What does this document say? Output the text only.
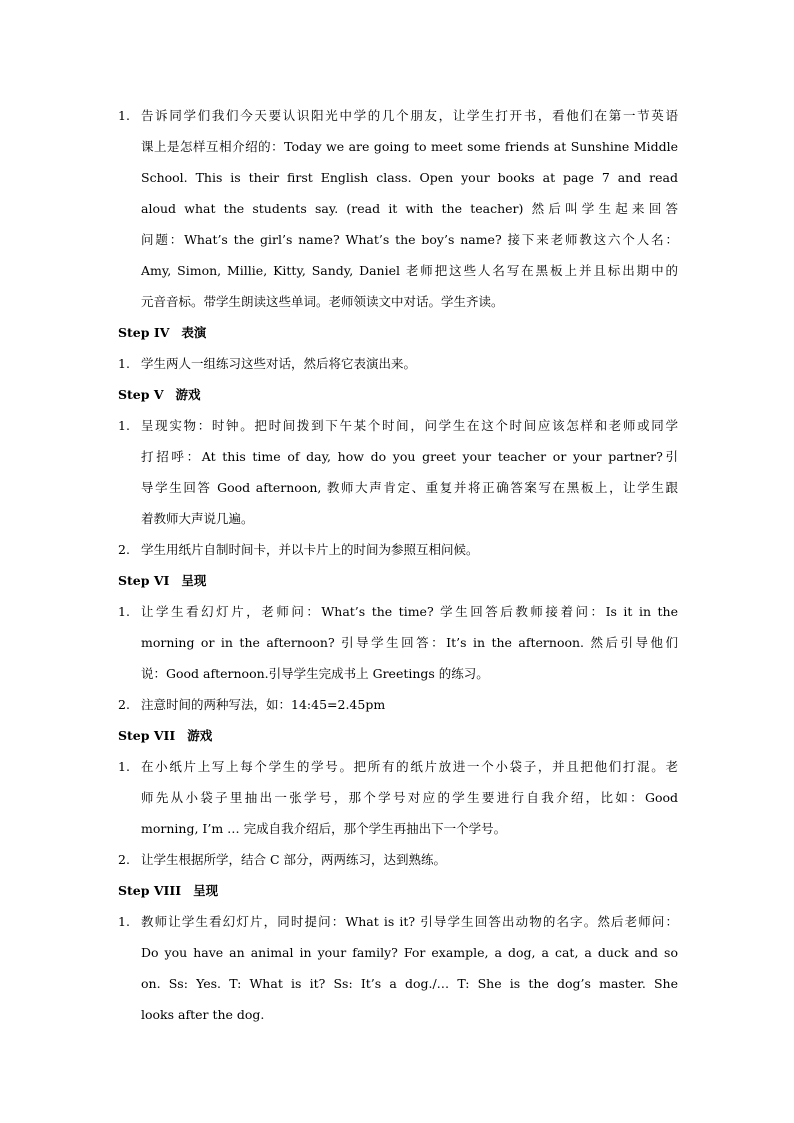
1. 告诉同学们我们今天要认识阳光中学的几个朋友，让学生打开书，看他们在第一节英语
课上是怎样互相介绍的：Today we are going to meet some friends at Sunshine Middle
School. This is their first English class. Open your books at page 7 and read
aloud what the students say. (read it with the teacher) 然后叫学生起来回答
问题：What’s the girl’s name? What’s the boy’s name? 接下来老师教这六个人名：
Amy, Simon, Millie, Kitty, Sandy, Daniel 老师把这些人名写在黑板上并且标出期中的
元音音标。带学生朗读这些单词。老师领读文中对话。学生齐读。
Step IV 表演
1. 学生两人一组练习这些对话，然后将它表演出来。
Step V 游戏
1. 呈现实物：时钟。把时间拨到下午某个时间，问学生在这个时间应该怎样和老师或同学
打招呼：At this time of day, how do you greet your teacher or your partner?引
导学生回答 Good afternoon, 教师大声肯定、重复并将正确答案写在黑板上，让学生跟
着教师大声说几遍。
2. 学生用纸片自制时间卡，并以卡片上的时间为参照互相问候。
Step VI 呈现
1. 让学生看幻灯片，老师问：What’s the time? 学生回答后教师接着问：Is it in the
morning or in the afternoon? 引导学生回答：It’s in the afternoon. 然后引导他们
说：Good afternoon.引导学生完成书上 Greetings 的练习。
2. 注意时间的两种写法，如：14:45=2.45pm
Step VII 游戏
1. 在小纸片上写上每个学生的学号。把所有的纸片放进一个小袋子，并且把他们打混。老
师先从小袋子里抽出一张学号，那个学号对应的学生要进行自我介绍，比如：Good
morning, I’m … 完成自我介绍后，那个学生再抽出下一个学号。
2. 让学生根据所学，结合 C 部分，两两练习，达到熟练。
Step VIII 呈现
1. 教师让学生看幻灯片，同时提问：What is it? 引导学生回答出动物的名字。然后老师问：
Do you have an animal in your family? For example, a dog, a cat, a duck and so
on. Ss: Yes. T: What is it? Ss: It’s a dog./… T: She is the dog’s master. She
looks after the dog.
